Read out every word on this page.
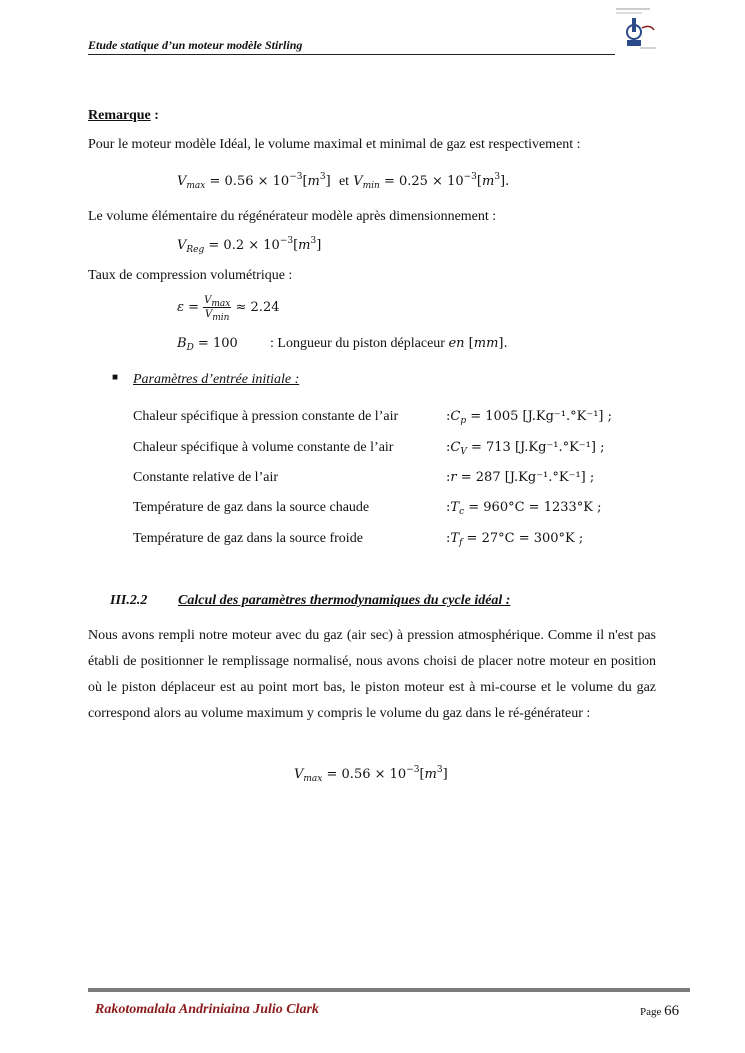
Etude statique d’un moteur modèle Stirling
Remarque :
Pour le moteur modèle Idéal, le volume maximal et minimal de gaz est respectivement :
$V_{max} = 0.56 \times 10^{-3}[m^3]$  et $V_{min} = 0.25 \times 10^{-3}[m^3]$.
Le volume élémentaire du régénérateur modèle après dimensionnement :
$V_{Reg} = 0.2 \times 10^{-3}[m^3]$
Taux de compression volumétrique :
$\varepsilon = \frac{V_{max}}{V_{min}} \approx 2.24$
$B_D = 100$ : Longueur du piston déplaceur en [mm].
■ Paramètres d’entrée initiale :
Chaleur spécifique à pression constante de l’air	$:C_p = 1005$ [J.Kg⁻¹.°K⁻¹] ;
Chaleur spécifique à volume constante de l’air	$:C_V = 713$ [J.Kg⁻¹.°K⁻¹] ;
Constante relative de l’air	:r = 287 [J.Kg⁻¹.°K⁻¹] ;
Température de gaz dans la source chaude	$:T_c = 960^\circ C = 1233^\circ K$ ;
Température de gaz dans la source froide	$:T_f = 27^\circ C = 300^\circ K$ ;
III.2.2 Calcul des paramètres thermodynamiques du cycle idéal :
Nous avons rempli notre moteur avec du gaz (air sec) à pression atmosphérique. Comme il n'est pas établi de positionner le remplissage normalisé, nous avons choisi de placer notre moteur en position où le piston déplaceur est au point mort bas, le piston moteur est à mi-course et le volume du gaz correspond alors au volume maximum y compris le volume du gaz dans le ré-générateur :
$V_{max} = 0.56 \times 10^{-3}[m^3]$
Rakotomalala Andriniaina Julio Clark	Page 66
